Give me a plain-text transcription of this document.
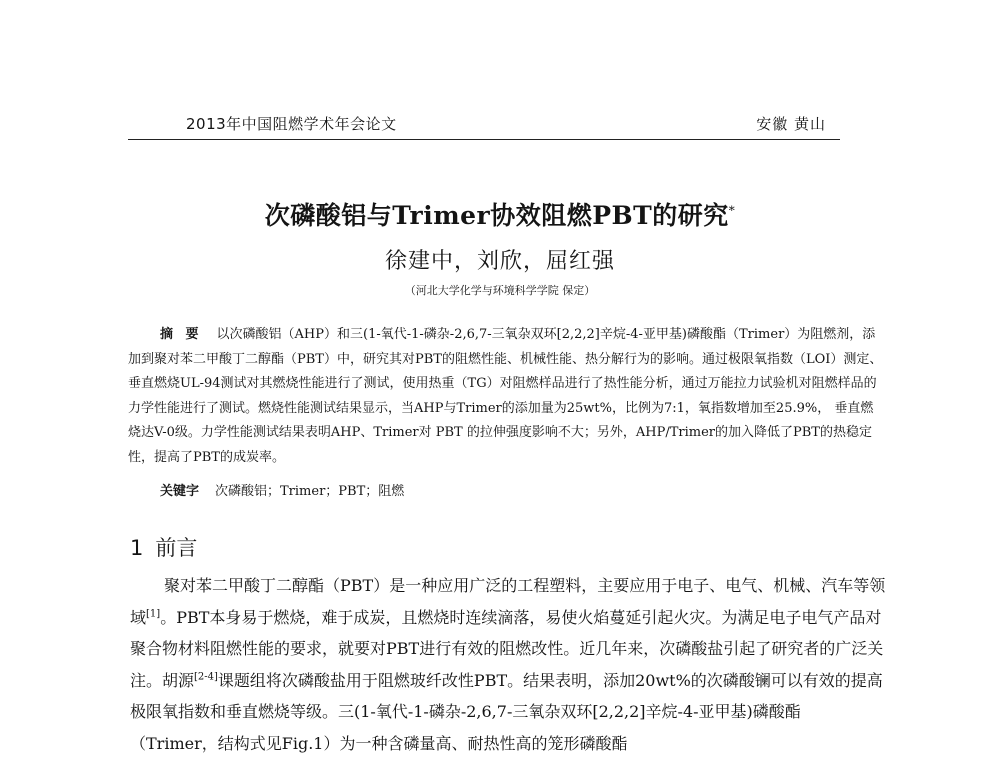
2013年中国阻燃学术年会论文	安徽 黄山
次磷酸铝与Trimer协效阻燃PBT的研究*
徐建中，刘欣，屈红强
（河北大学化学与环境科学学院 保定）

摘 要 以次磷酸铝（AHP）和三(1-氧代-1-磷杂-2,6,7-三氧杂双环[2,2,2]辛烷-4-亚甲基)磷酸酯（Trimer）为阻燃剂，添加到聚对苯二甲酸丁二醇酯（PBT）中，研究其对PBT的阻燃性能、机械性能、热分解行为的影响。通过极限氧指数（LOI）测定、垂直燃烧UL-94测试对其燃烧性能进行了测试，使用热重（TG）对阻燃样品进行了热性能分析，通过万能拉力试验机对阻燃样品的力学性能进行了测试。燃烧性能测试结果显示，当AHP与Trimer的添加量为25wt%，比例为7:1，氧指数增加至25.9%， 垂直燃烧达V-0级。力学性能测试结果表明AHP、Trimer对 PBT 的拉伸强度影响不大；另外，AHP/Trimer的加入降低了PBT的热稳定性，提高了PBT的成炭率。

关键字 次磷酸铝；Trimer；PBT；阻燃
1 前言

聚对苯二甲酸丁二醇酯（PBT）是一种应用广泛的工程塑料，主要应用于电子、电气、机械、汽车等领域[1]。PBT本身易于燃烧，难于成炭，且燃烧时连续滴落，易使火焰蔓延引起火灾。为满足电子电气产品对聚合物材料阻燃性能的要求，就要对PBT进行有效的阻燃改性。近几年来，次磷酸盐引起了研究者的广泛关注。胡源[2-4]课题组将次磷酸盐用于阻燃玻纤改性PBT。结果表明，添加20wt%的次磷酸镧可以有效的提高极限氧指数和垂直燃烧等级。三(1-氧代-1-磷杂-2,6,7-三氧杂双环[2,2,2]辛烷-4-亚甲基)磷酸酯（Trimer，结构式见Fig.1）为一种含磷量高、耐热性高的笼形磷酸酯
